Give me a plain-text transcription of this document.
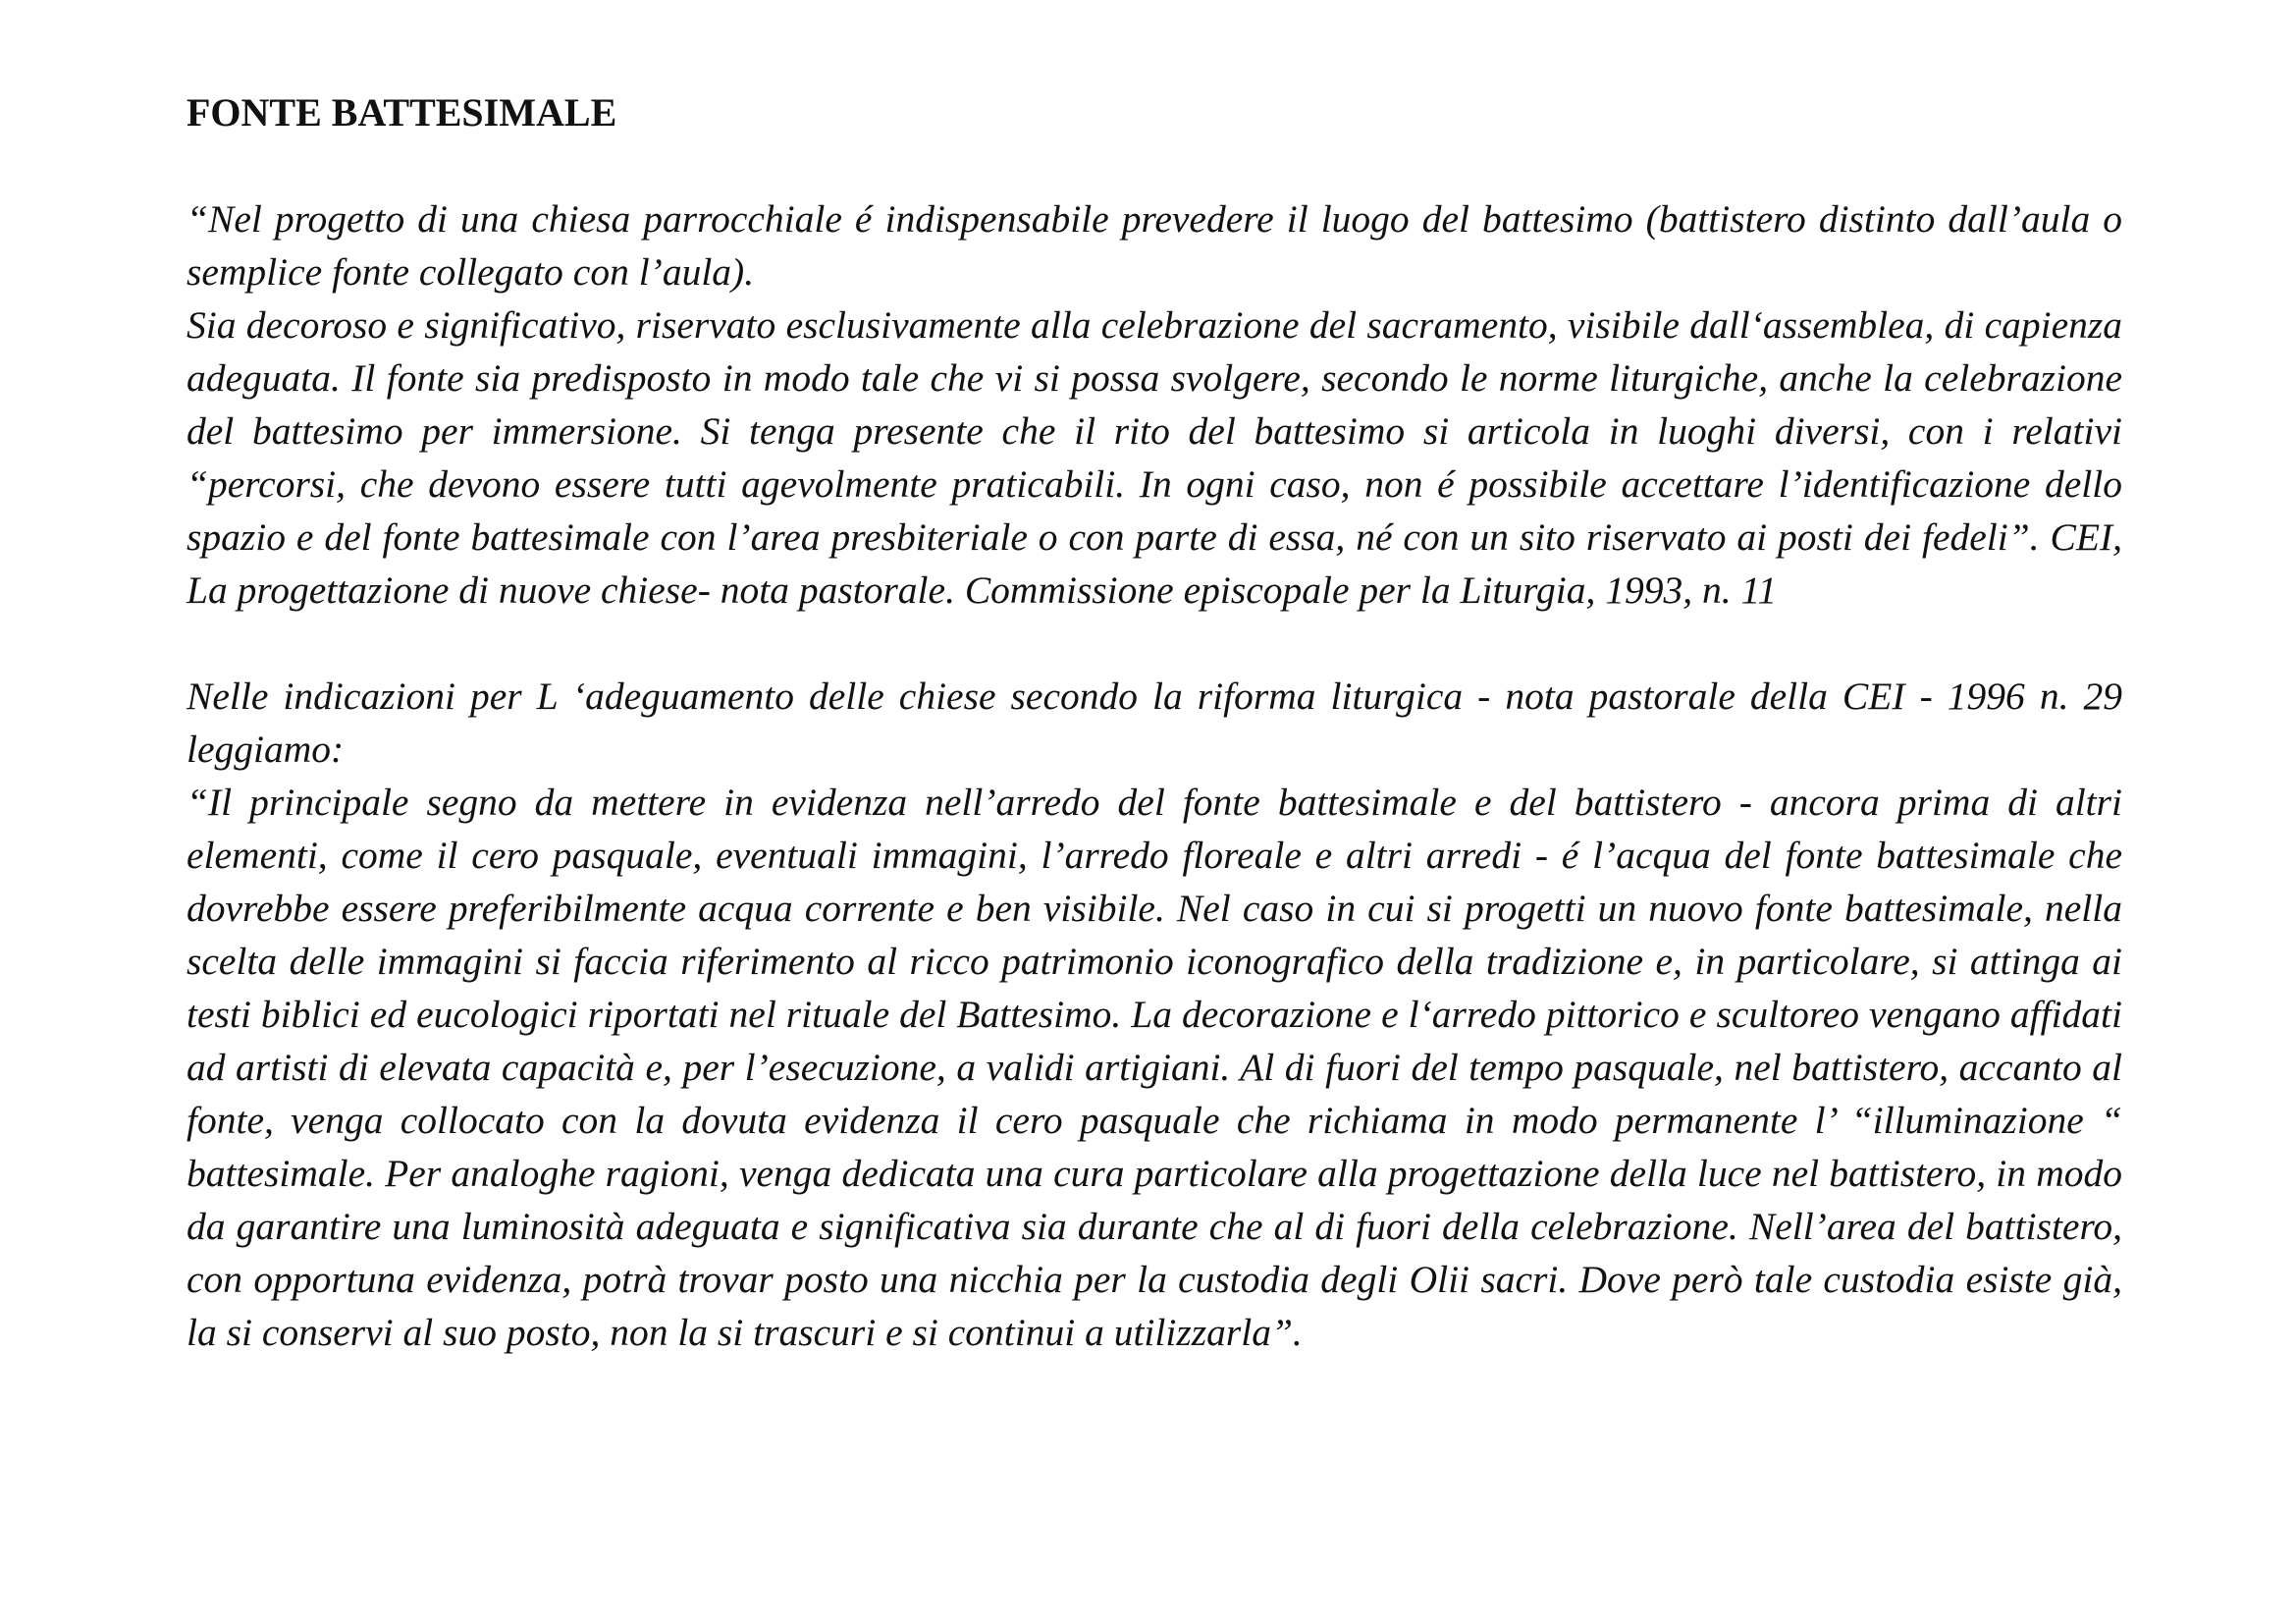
FONTE BATTESIMALE

“Nel progetto di una chiesa parrocchiale é indispensabile prevedere il luogo del battesimo (battistero distinto dall’aula o semplice fonte collegato con l’aula).

Sia decoroso e significativo, riservato esclusivamente alla celebrazione del sacramento, visibile dall‘assemblea, di capienza adeguata. Il fonte sia predisposto in modo tale che vi si possa svolgere, secondo le norme liturgiche, anche la celebrazione del battesimo per immersione. Si tenga presente che il rito del battesimo si articola in luoghi diversi, con i relativi “percorsi, che devono essere tutti agevolmente praticabili. In ogni caso, non é possibile accettare l’identificazione dello spazio e del fonte battesimale con l’area presbiteriale o con parte di essa, né con un sito riservato ai posti dei fedeli”. CEI, La progettazione di nuove chiese- nota pastorale. Commissione episcopale per la Liturgia, 1993, n. 11

Nelle indicazioni per L ‘adeguamento delle chiese secondo la riforma liturgica - nota pastorale della CEI - 1996 n. 29 leggiamo:

“Il principale segno da mettere in evidenza nell’arredo del fonte battesimale e del battistero - ancora prima di altri elementi, come il cero pasquale, eventuali immagini, l’arredo floreale e altri arredi - é l’acqua del fonte battesimale che dovrebbe essere preferibilmente acqua corrente e ben visibile. Nel caso in cui si progetti un nuovo fonte battesimale, nella scelta delle immagini si faccia riferimento al ricco patrimonio iconografico della tradizione e, in particolare, si attinga ai testi biblici ed eucologici riportati nel rituale del Battesimo. La decorazione e l‘arredo pittorico e scultoreo vengano affidati ad artisti di elevata capacità e, per l’esecuzione, a validi artigiani. Al di fuori del tempo pasquale, nel battistero, accanto al fonte, venga collocato con la dovuta evidenza il cero pasquale che richiama in modo permanente l’ “illuminazione “ battesimale. Per analoghe ragioni, venga dedicata una cura particolare alla progettazione della luce nel battistero, in modo da garantire una luminosità adeguata e significativa sia durante che al di fuori della celebrazione. Nell’area del battistero, con opportuna evidenza, potrà trovar posto una nicchia per la custodia degli Olii sacri. Dove però tale custodia esiste già, la si conservi al suo posto, non la si trascuri e si continui a utilizzarla”.
